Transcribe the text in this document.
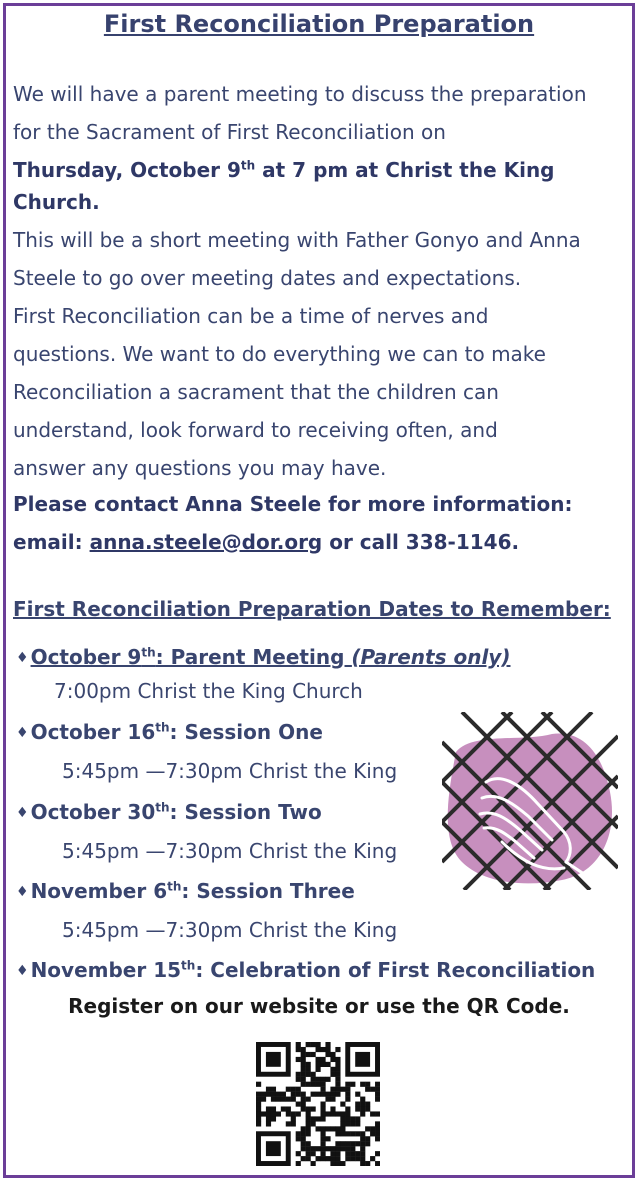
First Reconciliation Preparation
We will have a parent meeting to discuss the preparation
for the Sacrament of First Reconciliation on
Thursday, October 9th at 7 pm at Christ the King
Church.
This will be a short meeting with Father Gonyo and Anna
Steele to go over meeting dates and expectations.
First Reconciliation can be a time of nerves and
questions. We want to do everything we can to make
Reconciliation a sacrament that the children can
understand, look forward to receiving often, and
answer any questions you may have.
Please contact Anna Steele for more information:
email: anna.steele@dor.org or call 338-1146.
First Reconciliation Preparation Dates to Remember:
♦ October 9th: Parent Meeting (Parents only)
7:00pm Christ the King Church
♦ October 16th: Session One
5:45pm —7:30pm Christ the King
♦ October 30th: Session Two
5:45pm —7:30pm Christ the King
♦ November 6th: Session Three
5:45pm —7:30pm Christ the King
♦ November 15th: Celebration of First Reconciliation
Register on our website or use the QR Code.
